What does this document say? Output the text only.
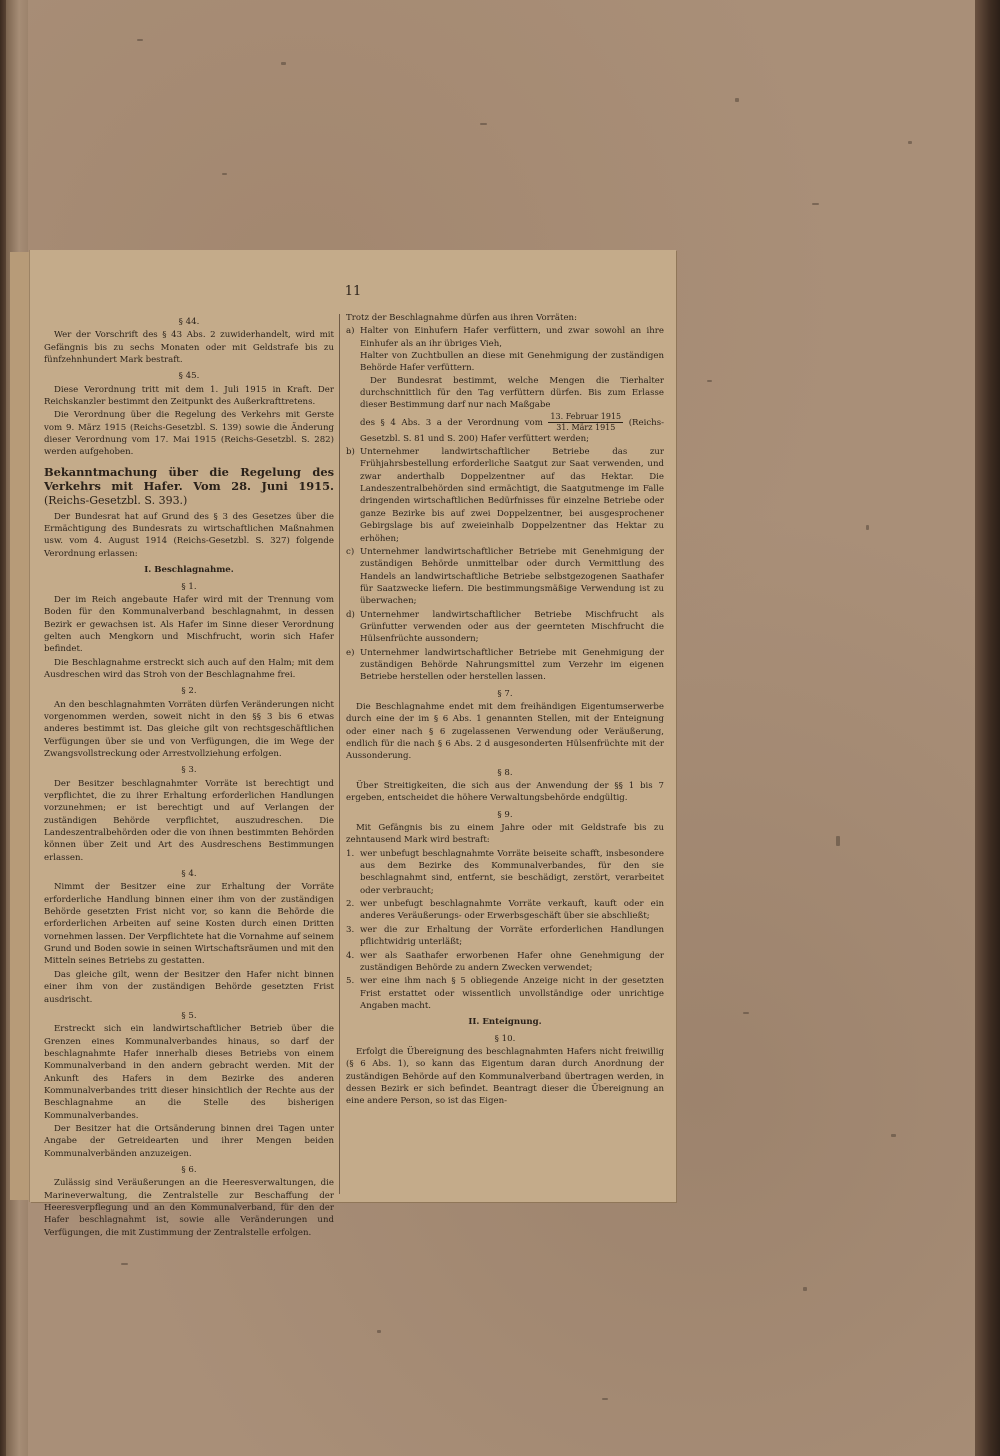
11
§ 44.

Wer der Vorschrift des § 43 Abs. 2 zuwiderhandelt, wird mit Gefängnis bis zu sechs Monaten oder mit Geldstrafe bis zu fünfzehnhundert Mark bestraft.

§ 45.

Diese Verordnung tritt mit dem 1. Juli 1915 in Kraft. Der Reichskanzler bestimmt den Zeitpunkt des Außerkrafttretens.

Die Verordnung über die Regelung des Verkehrs mit Gerste vom 9. März 1915 (Reichs-Gesetzbl. S. 139) sowie die Änderung dieser Verordnung vom 17. Mai 1915 (Reichs-Gesetzbl. S. 282) werden aufgehoben.

Bekanntmachung über die Regelung des Verkehrs mit Hafer. Vom 28. Juni 1915. (Reichs-Gesetzbl. S. 393.)

Der Bundesrat hat auf Grund des § 3 des Gesetzes über die Ermächtigung des Bundesrats zu wirtschaftlichen Maßnahmen usw. vom 4. August 1914 (Reichs-Gesetzbl. S. 327) folgende Verordnung erlassen:

I. Beschlagnahme.
§ 1.

Der im Reich angebaute Hafer wird mit der Trennung vom Boden für den Kommunalverband beschlagnahmt, in dessen Bezirk er gewachsen ist. Als Hafer im Sinne dieser Verordnung gelten auch Mengkorn und Mischfrucht, worin sich Hafer befindet.

Die Beschlagnahme erstreckt sich auch auf den Halm; mit dem Ausdreschen wird das Stroh von der Beschlagnahme frei.

§ 2.

An den beschlagnahmten Vorräten dürfen Veränderungen nicht vorgenommen werden, soweit nicht in den §§ 3 bis 6 etwas anderes bestimmt ist. Das gleiche gilt von rechtsgeschäftlichen Verfügungen über sie und von Verfügungen, die im Wege der Zwangsvollstreckung oder Arrestvollziehung erfolgen.

§ 3.

Der Besitzer beschlagnahmter Vorräte ist berechtigt und verpflichtet, die zu ihrer Erhaltung erforderlichen Handlungen vorzunehmen; er ist berechtigt und auf Verlangen der zuständigen Behörde verpflichtet, auszudreschen. Die Landeszentralbehörden oder die von ihnen bestimmten Behörden können über Zeit und Art des Ausdreschens Bestimmungen erlassen.

§ 4.

Nimmt der Besitzer eine zur Erhaltung der Vorräte erforderliche Handlung binnen einer ihm von der zuständigen Behörde gesetzten Frist nicht vor, so kann die Behörde die erforderlichen Arbeiten auf seine Kosten durch einen Dritten vornehmen lassen. Der Verpflichtete hat die Vornahme auf seinem Grund und Boden sowie in seinen Wirtschaftsräumen und mit den Mitteln seines Betriebs zu gestatten.

Das gleiche gilt, wenn der Besitzer den Hafer nicht binnen einer ihm von der zuständigen Behörde gesetzten Frist ausdrischt.

§ 5.

Erstreckt sich ein landwirtschaftlicher Betrieb über die Grenzen eines Kommunalverbandes hinaus, so darf der beschlagnahmte Hafer innerhalb dieses Betriebs von einem Kommunalverband in den andern gebracht werden. Mit der Ankunft des Hafers in dem Bezirke des anderen Kommunalverbandes tritt dieser hinsichtlich der Rechte aus der Beschlagnahme an die Stelle des bisherigen Kommunalverbandes.

Der Besitzer hat die Ortsänderung binnen drei Tagen unter Angabe der Getreidearten und ihrer Mengen beiden Kommunalverbänden anzuzeigen.

§ 6.

Zulässig sind Veräußerungen an die Heeresverwaltungen, die Marineverwaltung, die Zentralstelle zur Beschaffung der Heeresverpflegung und an den Kommunalverband, für den der Hafer beschlagnahmt ist, sowie alle Veränderungen und Verfügungen, die mit Zustimmung der Zentralstelle erfolgen.

Trotz der Beschlagnahme dürfen aus ihren Vorräten:

a) Halter von Einhufern Hafer verfüttern, und zwar sowohl an ihre Einhufer als an ihr übriges Vieh,
Halter von Zuchtbullen an diese mit Genehmigung der zuständigen Behörde Hafer verfüttern.
Der Bundesrat bestimmt, welche Mengen die Tierhalter durchschnittlich für den Tag verfüttern dürfen. Bis zum Erlasse dieser Bestimmung darf nur nach Maßgabe
des § 4 Abs. 3 a der Verordnung vom $\frac{\text{13. Februar 1915}}{\text{31. März 1915}}$ (Reichs-Gesetzbl. S. 81 und S. 200) Hafer verfüttert werden;
b) Unternehmer landwirtschaftlicher Betriebe das zur Frühjahrsbestellung erforderliche Saatgut zur Saat verwenden, und zwar anderthalb Doppelzentner auf das Hektar. Die Landeszentralbehörden sind ermächtigt, die Saatgutmenge im Falle dringenden wirtschaftlichen Bedürfnisses für einzelne Betriebe oder ganze Bezirke bis auf zwei Doppelzentner, bei ausgesprochener Gebirgslage bis auf zweieinhalb Doppelzentner das Hektar zu erhöhen;
c) Unternehmer landwirtschaftlicher Betriebe mit Genehmigung der zuständigen Behörde unmittelbar oder durch Vermittlung des Handels an landwirtschaftliche Betriebe selbstgezogenen Saathafer für Saatzwecke liefern. Die bestimmungsmäßige Verwendung ist zu überwachen;
d) Unternehmer landwirtschaftlicher Betriebe Mischfrucht als Grünfutter verwenden oder aus der geernteten Mischfrucht die Hülsenfrüchte aussondern;
e) Unternehmer landwirtschaftlicher Betriebe mit Genehmigung der zuständigen Behörde Nahrungsmittel zum Verzehr im eigenen Betriebe herstellen oder herstellen lassen.
§ 7.

Die Beschlagnahme endet mit dem freihändigen Eigentumserwerbe durch eine der im § 6 Abs. 1 genannten Stellen, mit der Enteignung oder einer nach § 6 zugelassenen Verwendung oder Veräußerung, endlich für die nach § 6 Abs. 2 d ausgesonderten Hülsenfrüchte mit der Aussonderung.

§ 8.

Über Streitigkeiten, die sich aus der Anwendung der §§ 1 bis 7 ergeben, entscheidet die höhere Verwaltungsbehörde endgültig.

§ 9.

Mit Gefängnis bis zu einem Jahre oder mit Geldstrafe bis zu zehntausend Mark wird bestraft:

1. wer unbefugt beschlagnahmte Vorräte beiseite schafft, insbesondere aus dem Bezirke des Kommunalverbandes, für den sie beschlagnahmt sind, entfernt, sie beschädigt, zerstört, verarbeitet oder verbraucht;
2. wer unbefugt beschlagnahmte Vorräte verkauft, kauft oder ein anderes Veräußerungs- oder Erwerbsgeschäft über sie abschließt;
3. wer die zur Erhaltung der Vorräte erforderlichen Handlungen pflichtwidrig unterläßt;
4. wer als Saathafer erworbenen Hafer ohne Genehmigung der zuständigen Behörde zu andern Zwecken verwendet;
5. wer eine ihm nach § 5 obliegende Anzeige nicht in der gesetzten Frist erstattet oder wissentlich unvollständige oder unrichtige Angaben macht.
II. Enteignung.
§ 10.

Erfolgt die Übereignung des beschlagnahmten Hafers nicht freiwillig (§ 6 Abs. 1), so kann das Eigentum daran durch Anordnung der zuständigen Behörde auf den Kommunalverband übertragen werden, in dessen Bezirk er sich befindet. Beantragt dieser die Übereignung an eine andere Person, so ist das Eigen-
